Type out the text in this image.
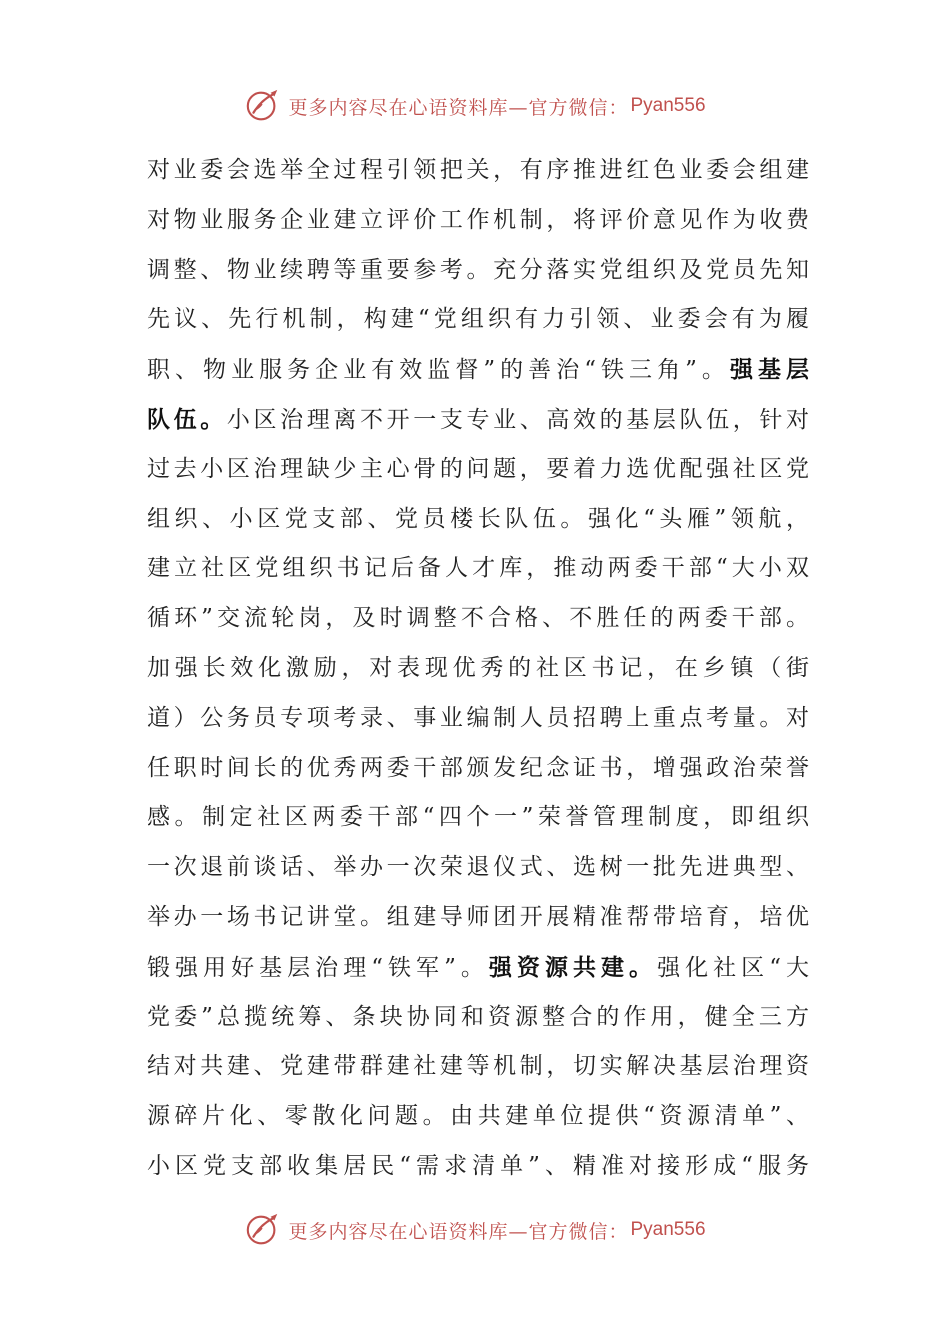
更多内容尽在心语资料库—官方微信： Pyan556
对业委会选举全过程引领把关，有序推进红色业委会组建
对物业服务企业建立评价工作机制，将评价意见作为收费
调整、物业续聘等重要参考。充分落实党组织及党员先知
先议、先行机制，构建“党组织有力引领、业委会有为履
职、物业服务企业有效监督”的善治“铁三角”。强基层
队伍。小区治理离不开一支专业、高效的基层队伍，针对
过去小区治理缺少主心骨的问题，要着力选优配强社区党
组织、小区党支部、党员楼长队伍。强化“头雁”领航，
建立社区党组织书记后备人才库，推动两委干部“大小双
循环”交流轮岗，及时调整不合格、不胜任的两委干部。
加强长效化激励，对表现优秀的社区书记，在乡镇（街
道）公务员专项考录、事业编制人员招聘上重点考量。对
任职时间长的优秀两委干部颁发纪念证书，增强政治荣誉
感。制定社区两委干部“四个一”荣誉管理制度，即组织
一次退前谈话、举办一次荣退仪式、选树一批先进典型、
举办一场书记讲堂。组建导师团开展精准帮带培育，培优
锻强用好基层治理“铁军”。强资源共建。强化社区“大
党委”总揽统筹、条块协同和资源整合的作用，健全三方
结对共建、党建带群建社建等机制，切实解决基层治理资
源碎片化、零散化问题。由共建单位提供“资源清单”、
小区党支部收集居民“需求清单”、精准对接形成“服务
更多内容尽在心语资料库—官方微信： Pyan556
